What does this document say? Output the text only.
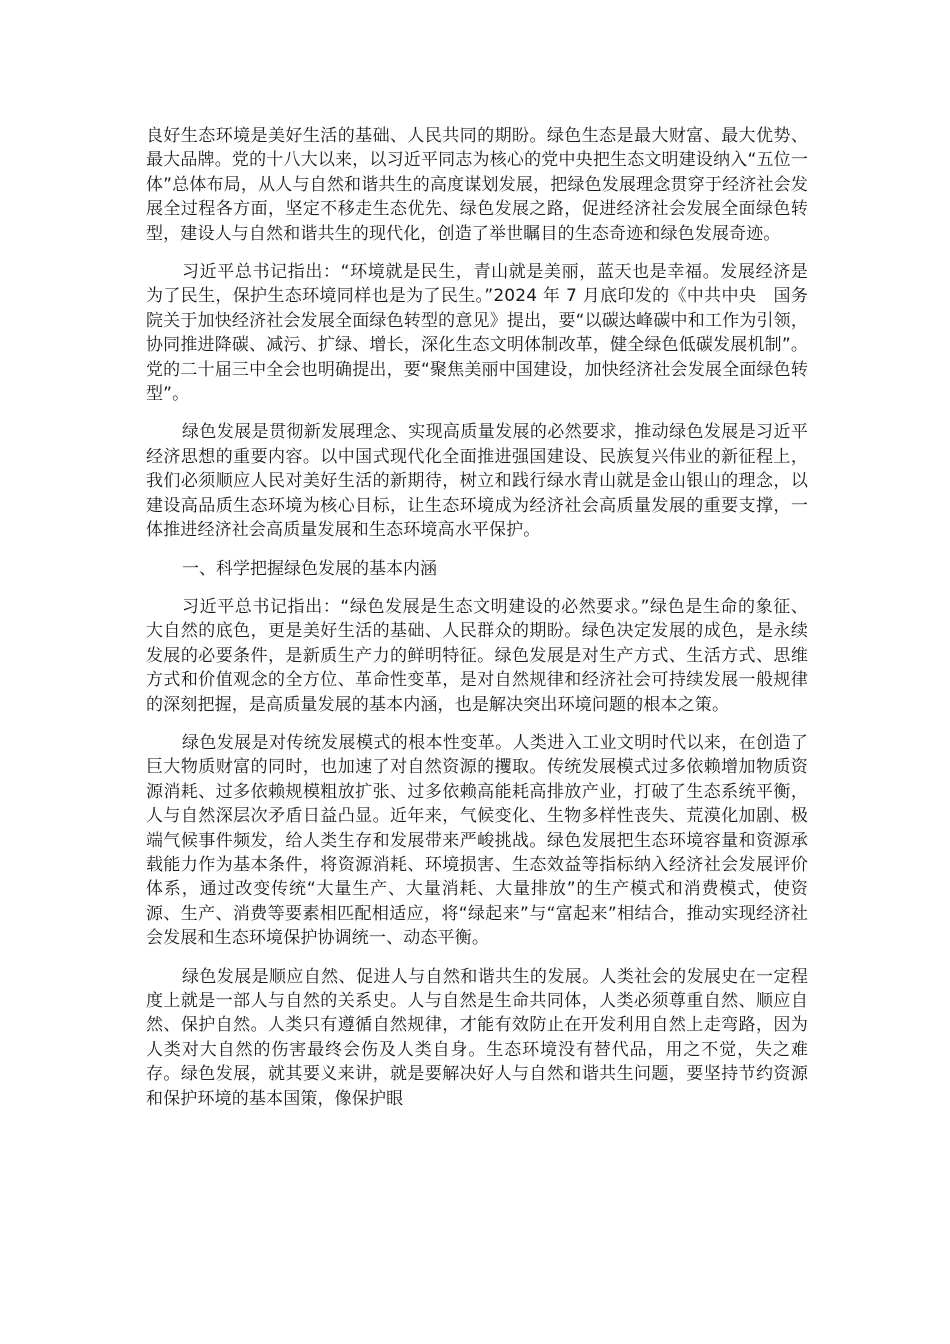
良好生态环境是美好生活的基础、人民共同的期盼。绿色生态是最大财富、最大优势、最大品牌。党的十八大以来，以习近平同志为核心的党中央把生态文明建设纳入“五位一体”总体布局，从人与自然和谐共生的高度谋划发展，把绿色发展理念贯穿于经济社会发展全过程各方面，坚定不移走生态优先、绿色发展之路，促进经济社会发展全面绿色转型，建设人与自然和谐共生的现代化，创造了举世瞩目的生态奇迹和绿色发展奇迹。

习近平总书记指出：“环境就是民生，青山就是美丽，蓝天也是幸福。发展经济是为了民生，保护生态环境同样也是为了民生。”2024 年 7 月底印发的《中共中央　国务院关于加快经济社会发展全面绿色转型的意见》提出，要“以碳达峰碳中和工作为引领，协同推进降碳、减污、扩绿、增长，深化生态文明体制改革，健全绿色低碳发展机制”。党的二十届三中全会也明确提出，要“聚焦美丽中国建设，加快经济社会发展全面绿色转型”。

绿色发展是贯彻新发展理念、实现高质量发展的必然要求，推动绿色发展是习近平经济思想的重要内容。以中国式现代化全面推进强国建设、民族复兴伟业的新征程上，我们必须顺应人民对美好生活的新期待，树立和践行绿水青山就是金山银山的理念，以建设高品质生态环境为核心目标，让生态环境成为经济社会高质量发展的重要支撑，一体推进经济社会高质量发展和生态环境高水平保护。

一、科学把握绿色发展的基本内涵

习近平总书记指出：“绿色发展是生态文明建设的必然要求。”绿色是生命的象征、大自然的底色，更是美好生活的基础、人民群众的期盼。绿色决定发展的成色，是永续发展的必要条件，是新质生产力的鲜明特征。绿色发展是对生产方式、生活方式、思维方式和价值观念的全方位、革命性变革，是对自然规律和经济社会可持续发展一般规律的深刻把握，是高质量发展的基本内涵，也是解决突出环境问题的根本之策。

绿色发展是对传统发展模式的根本性变革。人类进入工业文明时代以来，在创造了巨大物质财富的同时，也加速了对自然资源的攫取。传统发展模式过多依赖增加物质资源消耗、过多依赖规模粗放扩张、过多依赖高能耗高排放产业，打破了生态系统平衡，人与自然深层次矛盾日益凸显。近年来，气候变化、生物多样性丧失、荒漠化加剧、极端气候事件频发，给人类生存和发展带来严峻挑战。绿色发展把生态环境容量和资源承载能力作为基本条件，将资源消耗、环境损害、生态效益等指标纳入经济社会发展评价体系，通过改变传统“大量生产、大量消耗、大量排放”的生产模式和消费模式，使资源、生产、消费等要素相匹配相适应，将“绿起来”与“富起来”相结合，推动实现经济社会发展和生态环境保护协调统一、动态平衡。

绿色发展是顺应自然、促进人与自然和谐共生的发展。人类社会的发展史在一定程度上就是一部人与自然的关系史。人与自然是生命共同体，人类必须尊重自然、顺应自然、保护自然。人类只有遵循自然规律，才能有效防止在开发利用自然上走弯路，因为人类对大自然的伤害最终会伤及人类自身。生态环境没有替代品，用之不觉，失之难存。绿色发展，就其要义来讲，就是要解决好人与自然和谐共生问题，要坚持节约资源和保护环境的基本国策，像保护眼
